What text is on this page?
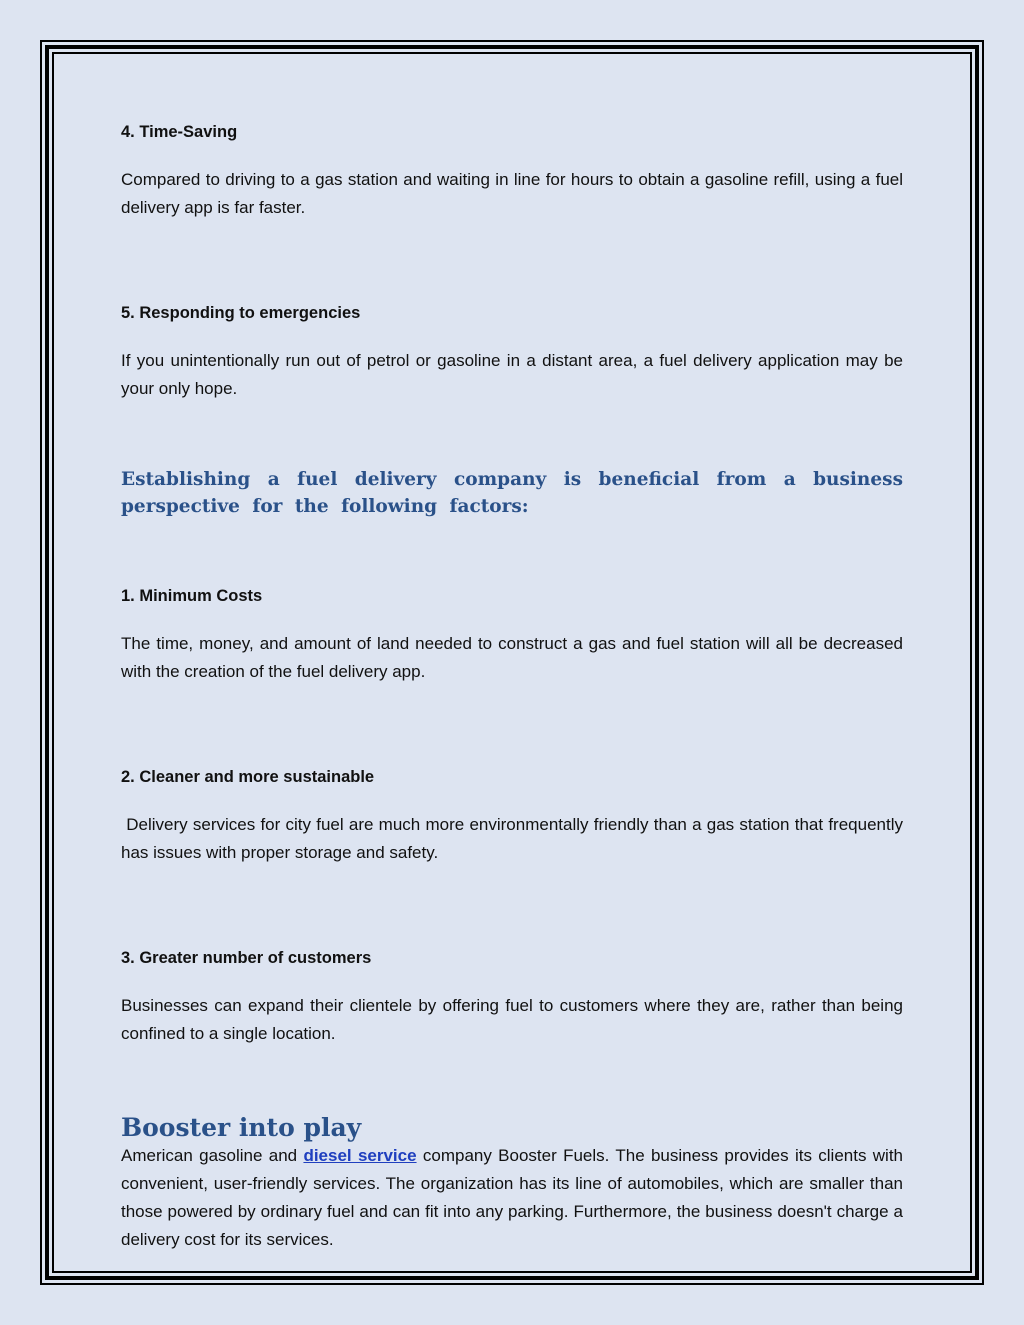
4. Time-Saving

Compared to driving to a gas station and waiting in line for hours to obtain a gasoline refill, using a fuel delivery app is far faster.

5. Responding to emergencies

If you unintentionally run out of petrol or gasoline in a distant area, a fuel delivery application may be your only hope.

Establishing a fuel delivery company is beneficial from a business perspective for the following factors:
1. Minimum Costs

The time, money, and amount of land needed to construct a gas and fuel station will all be decreased with the creation of the fuel delivery app.

2. Cleaner and more sustainable

Delivery services for city fuel are much more environmentally friendly than a gas station that frequently has issues with proper storage and safety.

3. Greater number of customers

Businesses can expand their clientele by offering fuel to customers where they are, rather than being confined to a single location.

Booster into play

American gasoline and diesel service company Booster Fuels. The business provides its clients with convenient, user-friendly services. The organization has its line of automobiles, which are smaller than those powered by ordinary fuel and can fit into any parking. Furthermore, the business doesn't charge a delivery cost for its services.
